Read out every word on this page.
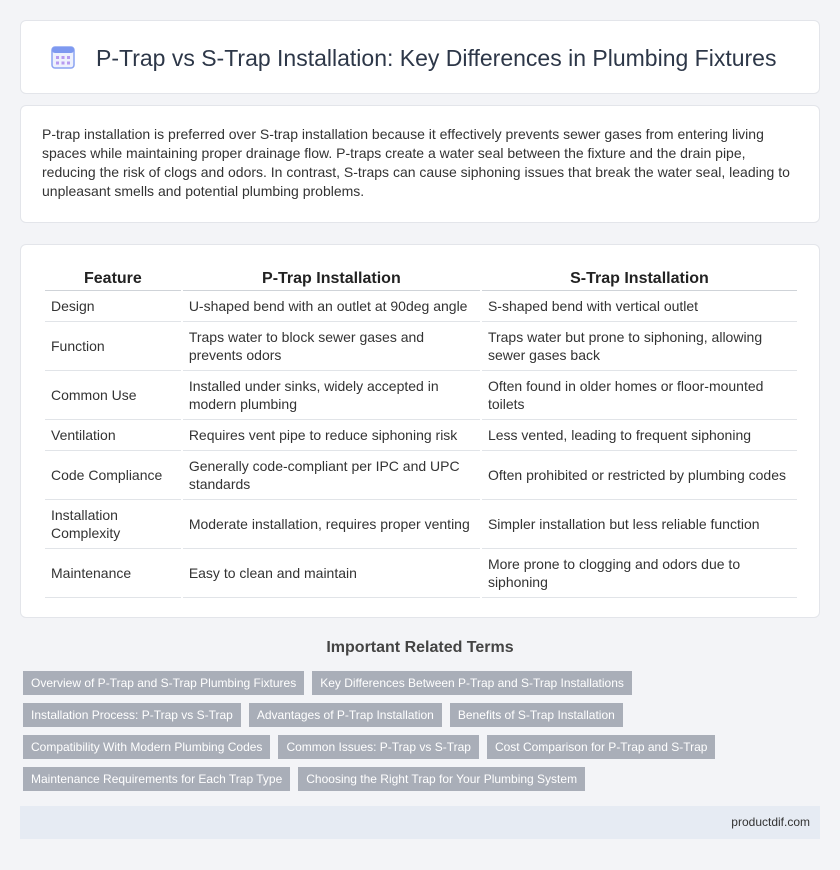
P-Trap vs S-Trap Installation: Key Differences in Plumbing Fixtures

P-trap installation is preferred over S-trap installation because it effectively prevents sewer gases from entering living spaces while maintaining proper drainage flow. P-traps create a water seal between the fixture and the drain pipe, reducing the risk of clogs and odors. In contrast, S-traps can cause siphoning issues that break the water seal, leading to unpleasant smells and potential plumbing problems.

Feature	P-Trap Installation	S-Trap Installation
Design	U-shaped bend with an outlet at 90deg angle	S-shaped bend with vertical outlet
Function	Traps water to block sewer gases and prevents odors	Traps water but prone to siphoning, allowing sewer gases back
Common Use	Installed under sinks, widely accepted in modern plumbing	Often found in older homes or floor-mounted toilets
Ventilation	Requires vent pipe to reduce siphoning risk	Less vented, leading to frequent siphoning
Code Compliance	Generally code-compliant per IPC and UPC standards	Often prohibited or restricted by plumbing codes
Installation Complexity	Moderate installation, requires proper venting	Simpler installation but less reliable function
Maintenance	Easy to clean and maintain	More prone to clogging and odors due to siphoning
Important Related Terms
Overview of P-Trap and S-Trap Plumbing Fixtures	Key Differences Between P-Trap and S-Trap Installations
Installation Process: P-Trap vs S-Trap	Advantages of P-Trap Installation	Benefits of S-Trap Installation
Compatibility With Modern Plumbing Codes	Common Issues: P-Trap vs S-Trap	Cost Comparison for P-Trap and S-Trap
Maintenance Requirements for Each Trap Type	Choosing the Right Trap for Your Plumbing System
productdif.com
